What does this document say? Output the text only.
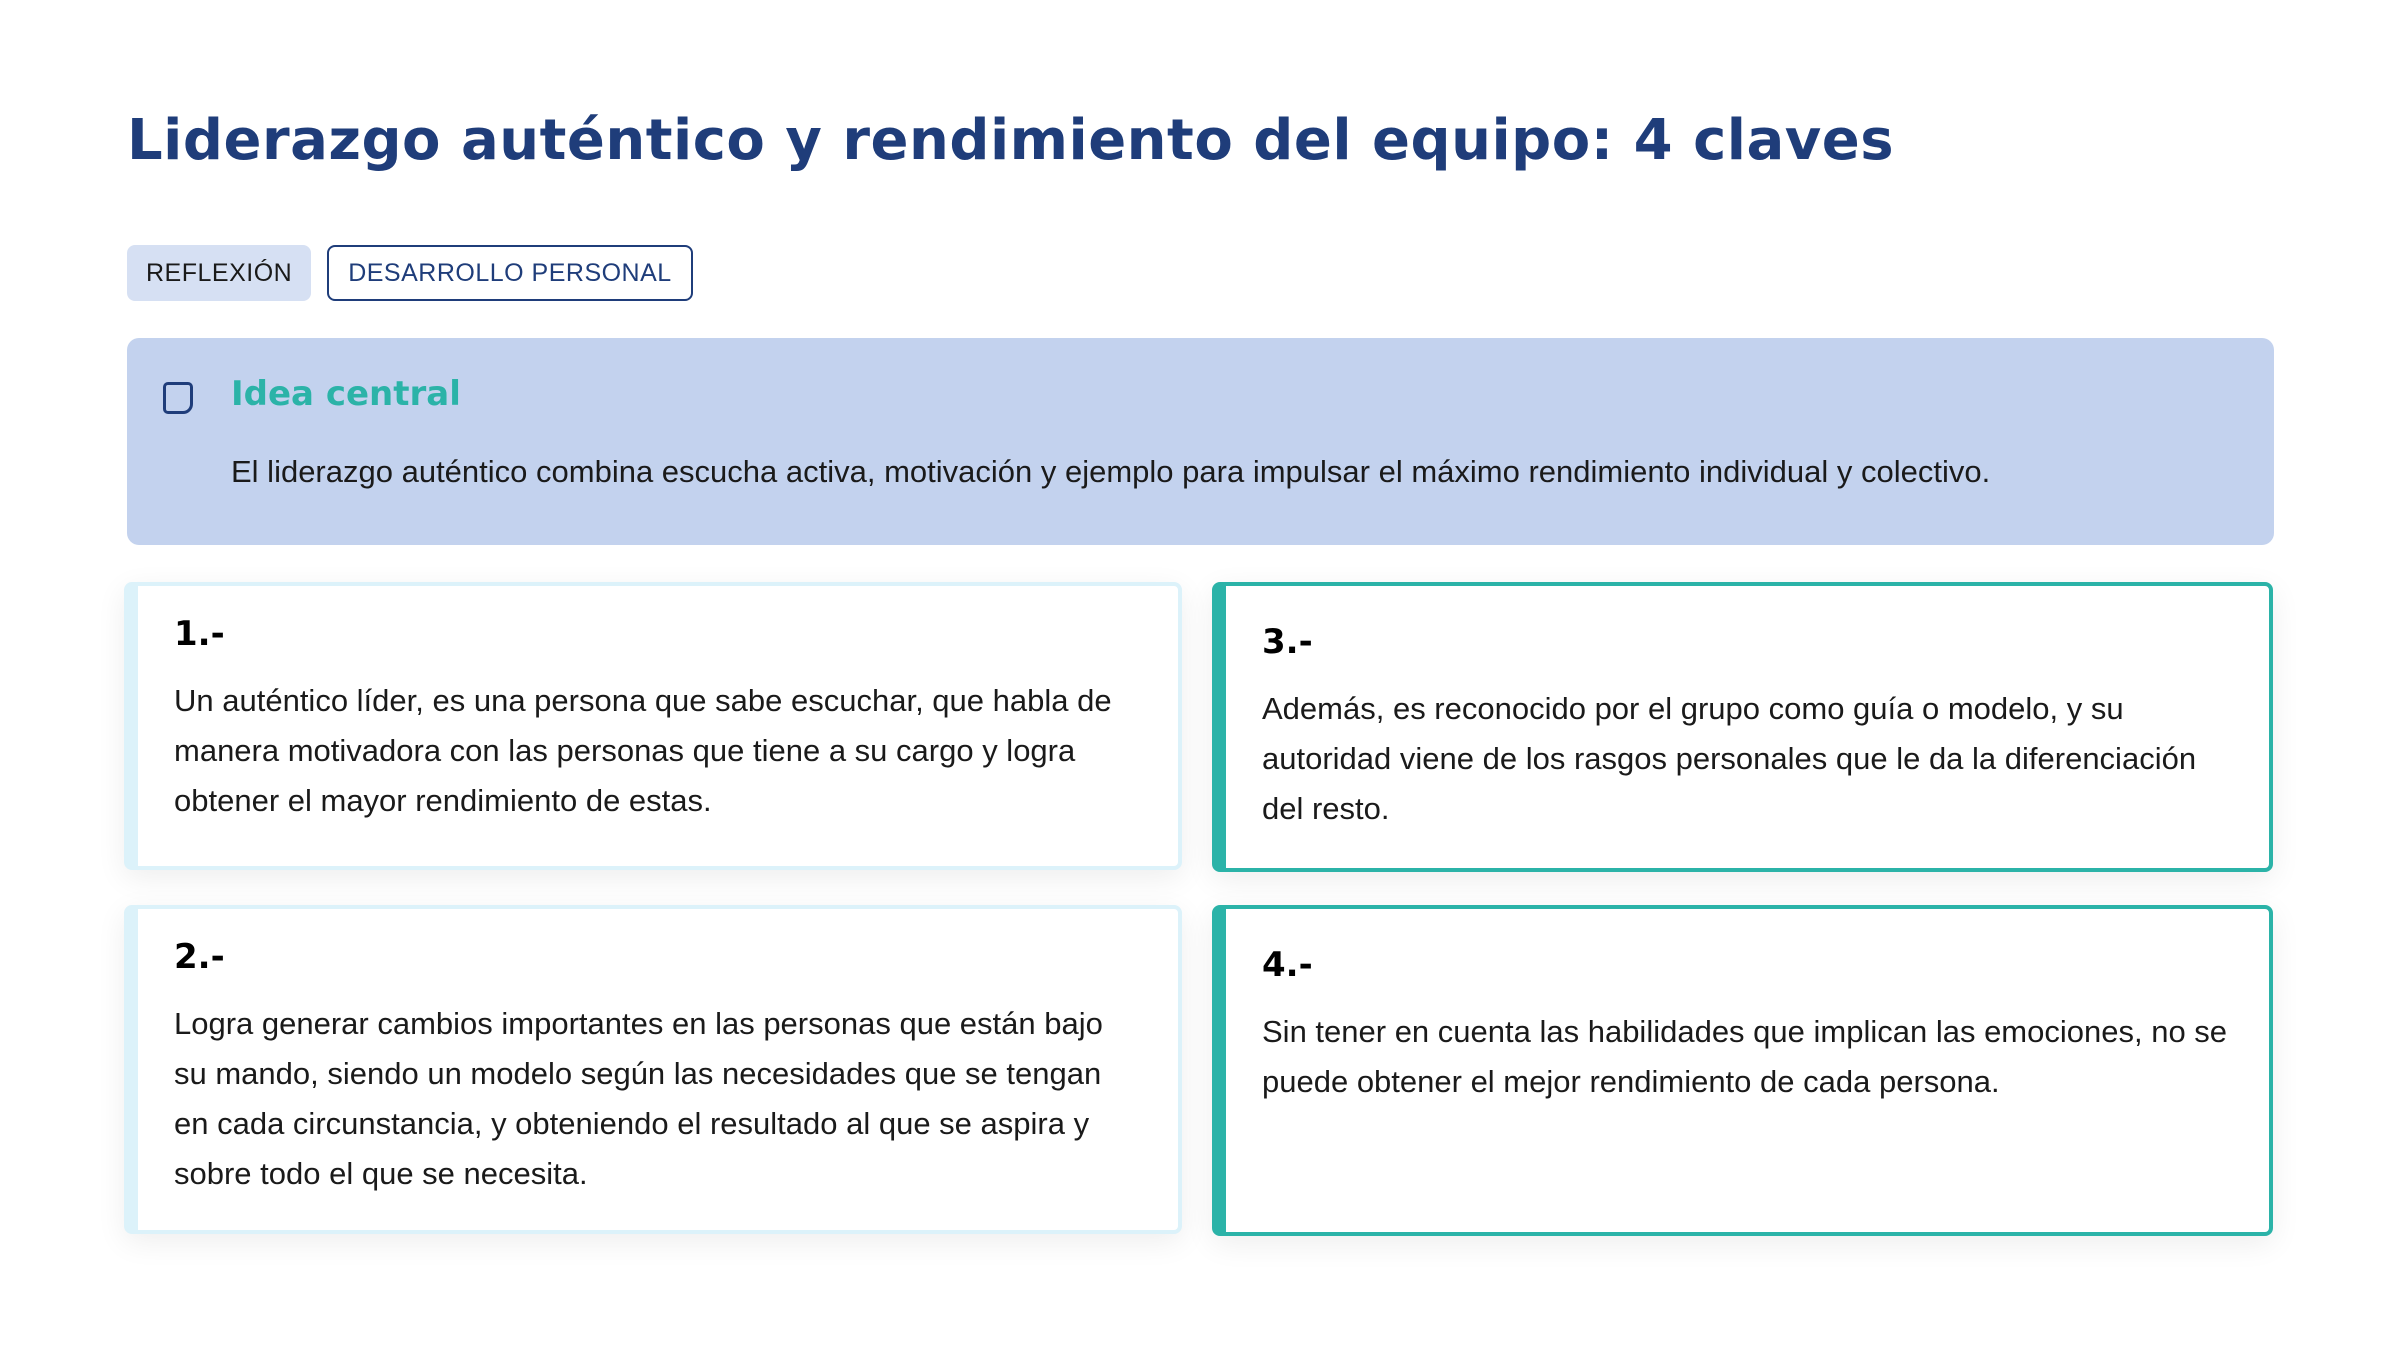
Liderazgo auténtico y rendimiento del equipo: 4 claves
REFLEXIÓN	DESARROLLO PERSONAL
Idea central
El liderazgo auténtico combina escucha activa, motivación y ejemplo para impulsar el máximo rendimiento individual y colectivo.

1.-

Un auténtico líder, es una persona que sabe escuchar, que habla de manera motivadora con las personas que tiene a su cargo y logra obtener el mayor rendimiento de estas.

2.-

Logra generar cambios importantes en las personas que están bajo su mando, siendo un modelo según las necesidades que se tengan en cada circunstancia, y obteniendo el resultado al que se aspira y sobre todo el que se necesita.

3.-

Además, es reconocido por el grupo como guía o modelo, y su autoridad viene de los rasgos personales que le da la diferenciación del resto.

4.-

Sin tener en cuenta las habilidades que implican las emociones, no se puede obtener el mejor rendimiento de cada persona.
